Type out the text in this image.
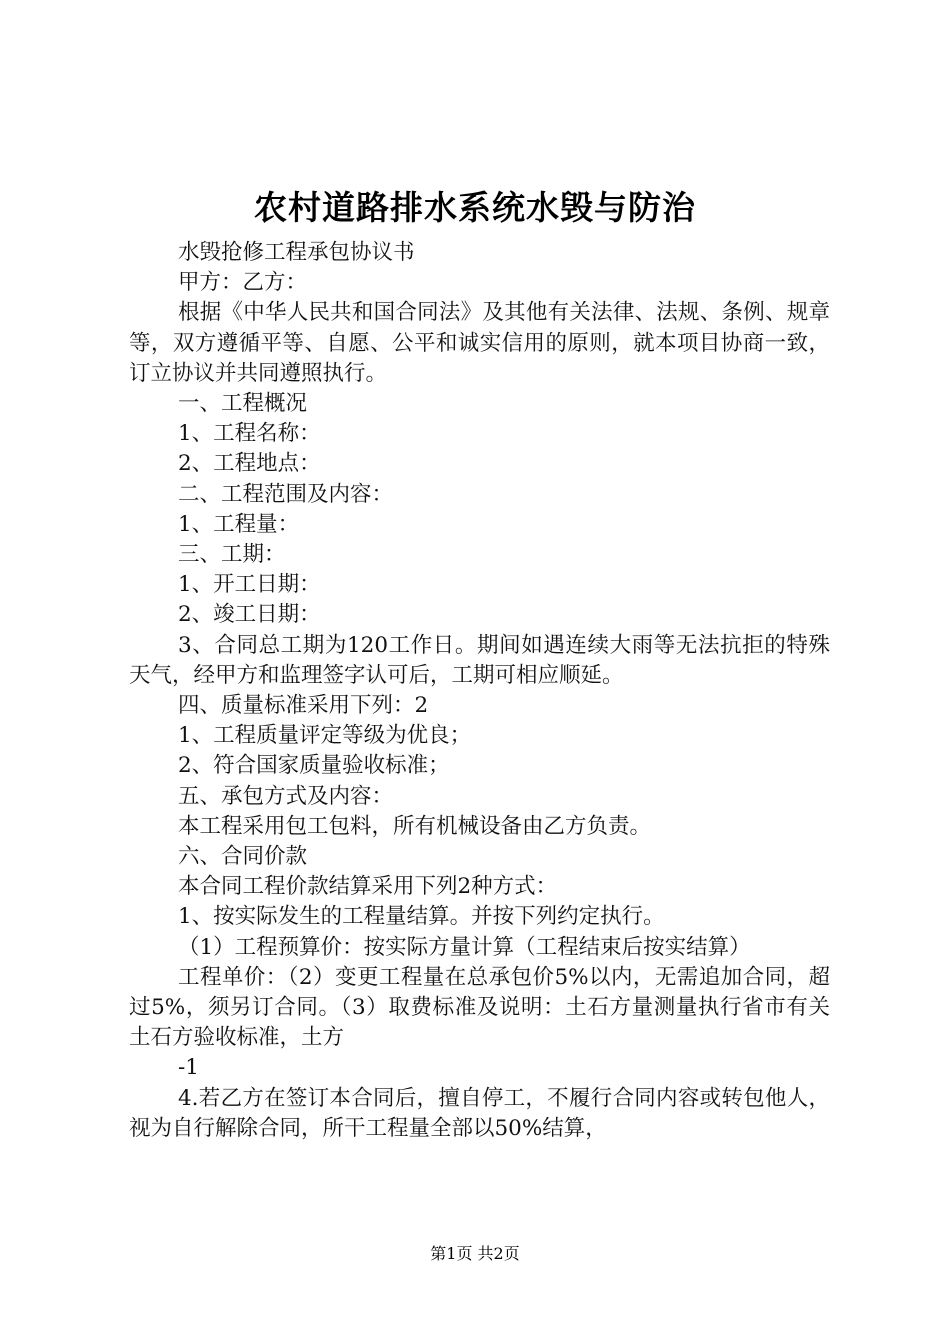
农村道路排水系统水毁与防治

水毁抢修工程承包协议书

甲方：乙方：

根据《中华人民共和国合同法》及其他有关法律、法规、条例、规章等，双方遵循平等、自愿、公平和诚实信用的原则，就本项目协商一致，订立协议并共同遵照执行。

一、工程概况

1、工程名称：

2、工程地点：

二、工程范围及内容：

1、工程量：

三、工期：

1、开工日期：

2、竣工日期：

3、合同总工期为120工作日。期间如遇连续大雨等无法抗拒的特殊天气，经甲方和监理签字认可后，工期可相应顺延。

四、质量标准采用下列：2

1、工程质量评定等级为优良；

2、符合国家质量验收标准；

五、承包方式及内容：

本工程采用包工包料，所有机械设备由乙方负责。

六、合同价款

本合同工程价款结算采用下列2种方式：

1、按实际发生的工程量结算。并按下列约定执行。

（1）工程预算价：按实际方量计算（工程结束后按实结算）

工程单价：（2）变更工程量在总承包价5%以内，无需追加合同，超过5%，须另订合同。（3）取费标准及说明：土石方量测量执行省市有关土石方验收标准，土方

-1

4.若乙方在签订本合同后，擅自停工，不履行合同内容或转包他人，视为自行解除合同，所干工程量全部以50%结算，

第1页 共2页
